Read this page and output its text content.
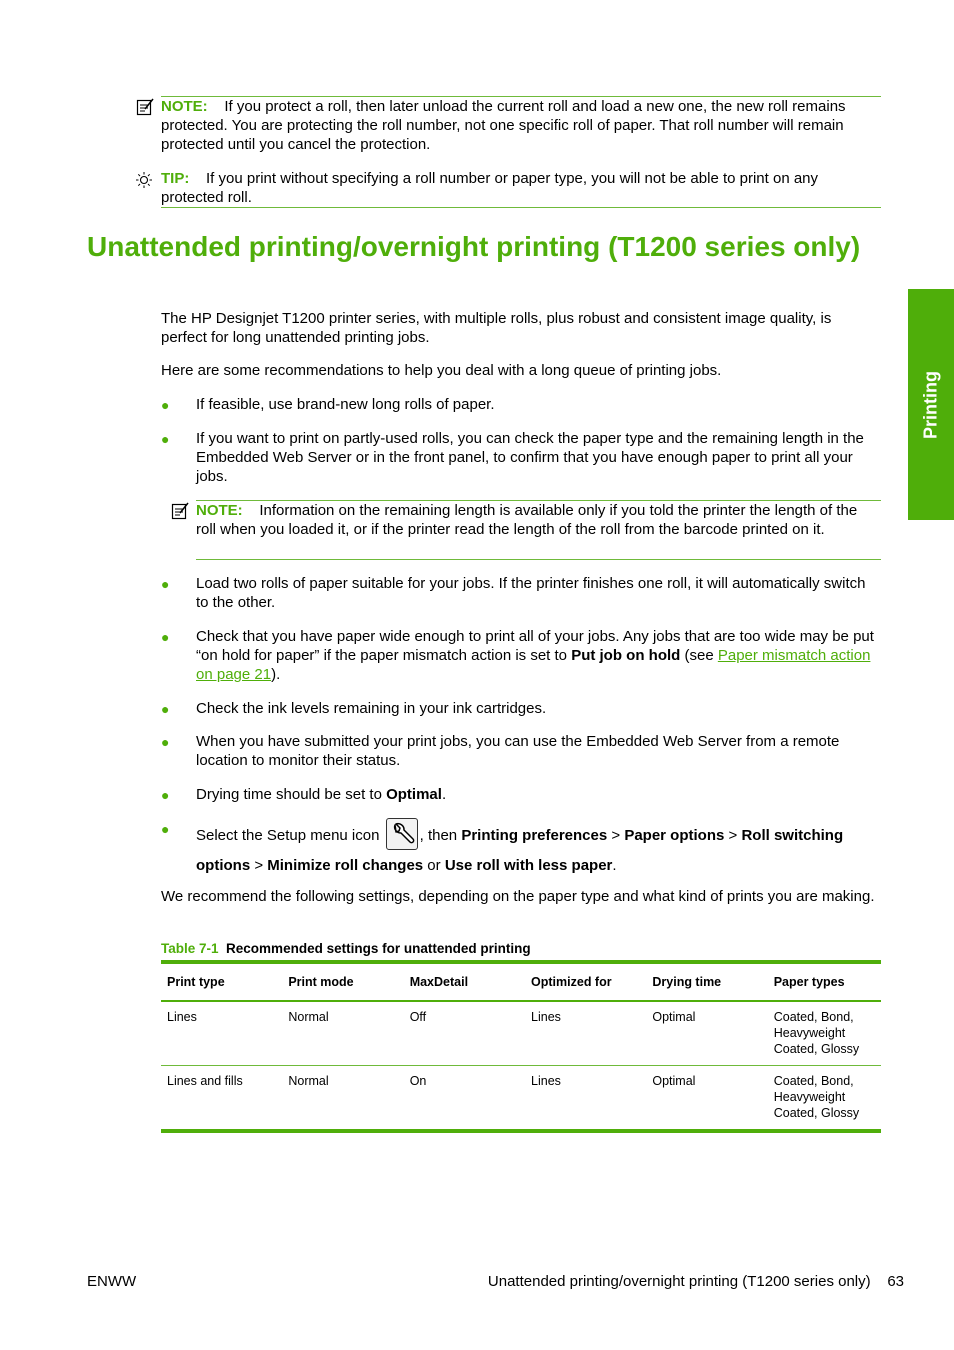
NOTE: If you protect a roll, then later unload the current roll and load a new one, the new roll remains protected. You are protecting the roll number, not one specific roll of paper. That roll number will remain protected until you cancel the protection.
TIP: If you print without specifying a roll number or paper type, you will not be able to print on any protected roll.
Unattended printing/overnight printing (T1200 series only)
The HP Designjet T1200 printer series, with multiple rolls, plus robust and consistent image quality, is perfect for long unattended printing jobs.
Here are some recommendations to help you deal with a long queue of printing jobs.
● If feasible, use brand-new long rolls of paper.
● If you want to print on partly-used rolls, you can check the paper type and the remaining length in the Embedded Web Server or in the front panel, to confirm that you have enough paper to print all your jobs.
NOTE: Information on the remaining length is available only if you told the printer the length of the roll when you loaded it, or if the printer read the length of the roll from the barcode printed on it.
● Load two rolls of paper suitable for your jobs. If the printer finishes one roll, it will automatically switch to the other.
● Check that you have paper wide enough to print all of your jobs. Any jobs that are too wide may be put “on hold for paper” if the paper mismatch action is set to Put job on hold (see Paper mismatch action on page 21).
● Check the ink levels remaining in your ink cartridges.
● When you have submitted your print jobs, you can use the Embedded Web Server from a remote location to monitor their status.
● Drying time should be set to Optimal.
● Select the Setup menu icon , then Printing preferences > Paper options > Roll switching options > Minimize roll changes or Use roll with less paper.
We recommend the following settings, depending on the paper type and what kind of prints you are making.
Table 7-1 Recommended settings for unattended printing
Print type	Print mode	MaxDetail	Optimized for	Drying time	Paper types
Lines	Normal	Off	Lines	Optimal	Coated, Bond, Heavyweight Coated, Glossy
Lines and fills	Normal	On	Lines	Optimal	Coated, Bond, Heavyweight Coated, Glossy
Printing
ENWW	Unattended printing/overnight printing (T1200 series only) 63
